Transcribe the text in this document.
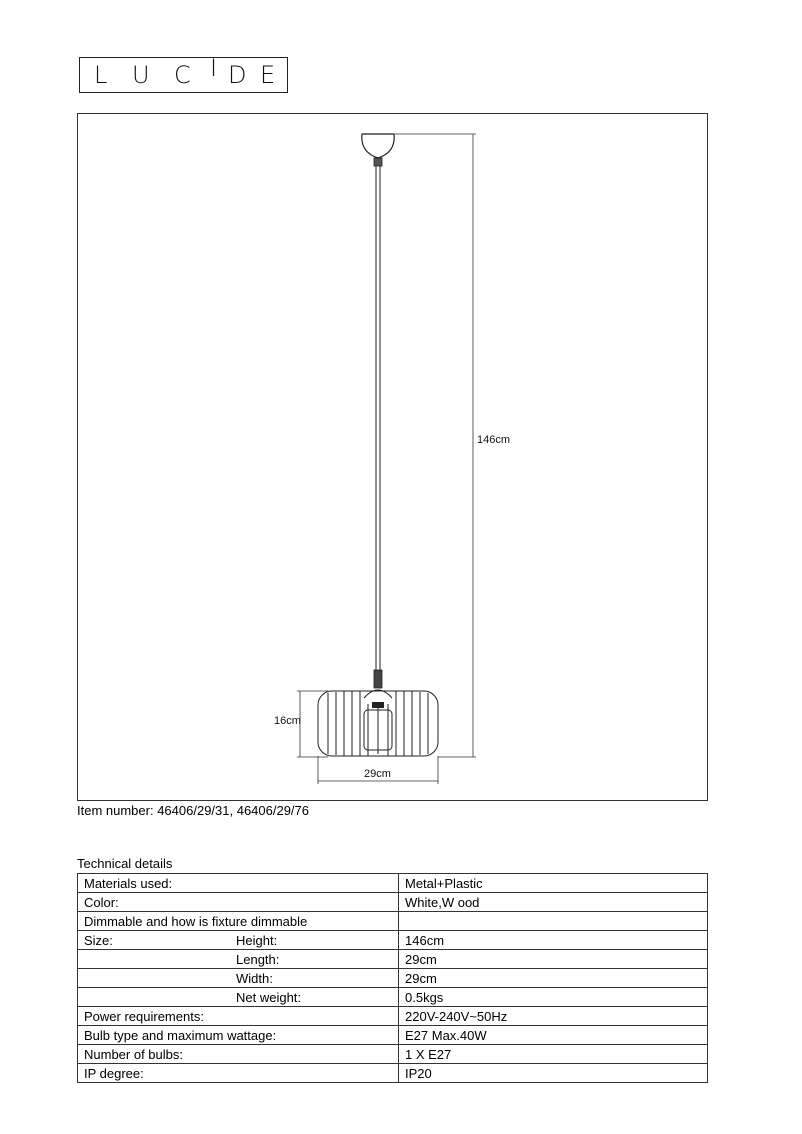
L U C I D E
146cm
16cm
29cm
Item number: 46406/29/31, 46406/29/76
Technical details
Materials used:		Metal+Plastic
Color:		White,W ood
Dimmable and how is fixture dimmable		
Size:	Height:	146cm
	Length:	29cm
	Width:	29cm
	Net weight:	0.5kgs
Power requirements:		220V-240V~50Hz
Bulb type and maximum wattage:		E27 Max.40W
Number of bulbs:		1 X E27
IP degree:		IP20
